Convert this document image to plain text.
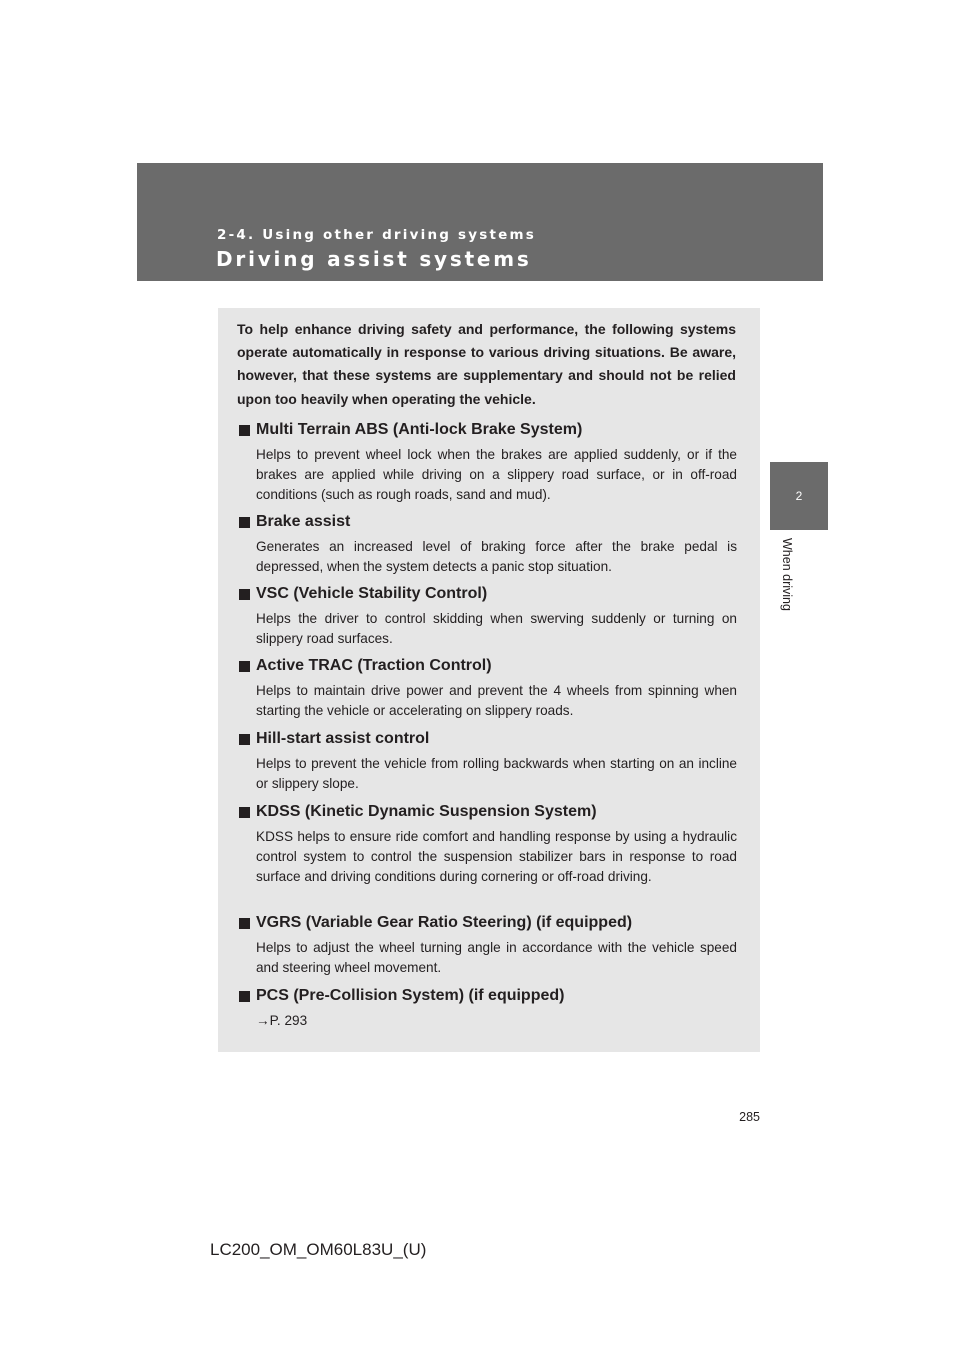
2-4. Using other driving systems
Driving assist systems
2
When driving

To help enhance driving safety and performance, the following systems operate automatically in response to various driving situations. Be aware, however, that these systems are supplementary and should not be relied upon too heavily when operating the vehicle.

Multi Terrain ABS (Anti-lock Brake System)

Helps to prevent wheel lock when the brakes are applied suddenly, or if the brakes are applied while driving on a slippery road surface, or in off-road conditions (such as rough roads, sand and mud).

Brake assist

Generates an increased level of braking force after the brake pedal is depressed, when the system detects a panic stop situation.

VSC (Vehicle Stability Control)

Helps the driver to control skidding when swerving suddenly or turning on slippery road surfaces.

Active TRAC (Traction Control)

Helps to maintain drive power and prevent the 4 wheels from spinning when starting the vehicle or accelerating on slippery roads.

Hill-start assist control

Helps to prevent the vehicle from rolling backwards when starting on an incline or slippery slope.

KDSS (Kinetic Dynamic Suspension System)

KDSS helps to ensure ride comfort and handling response by using a hydraulic control system to control the suspension stabilizer bars in response to road surface and driving conditions during cornering or off-road driving.

VGRS (Variable Gear Ratio Steering) (if equipped)

Helps to adjust the wheel turning angle in accordance with the vehicle speed and steering wheel movement.

PCS (Pre-Collision System) (if equipped)

→P. 293

285
LC200_OM_OM60L83U_(U)
